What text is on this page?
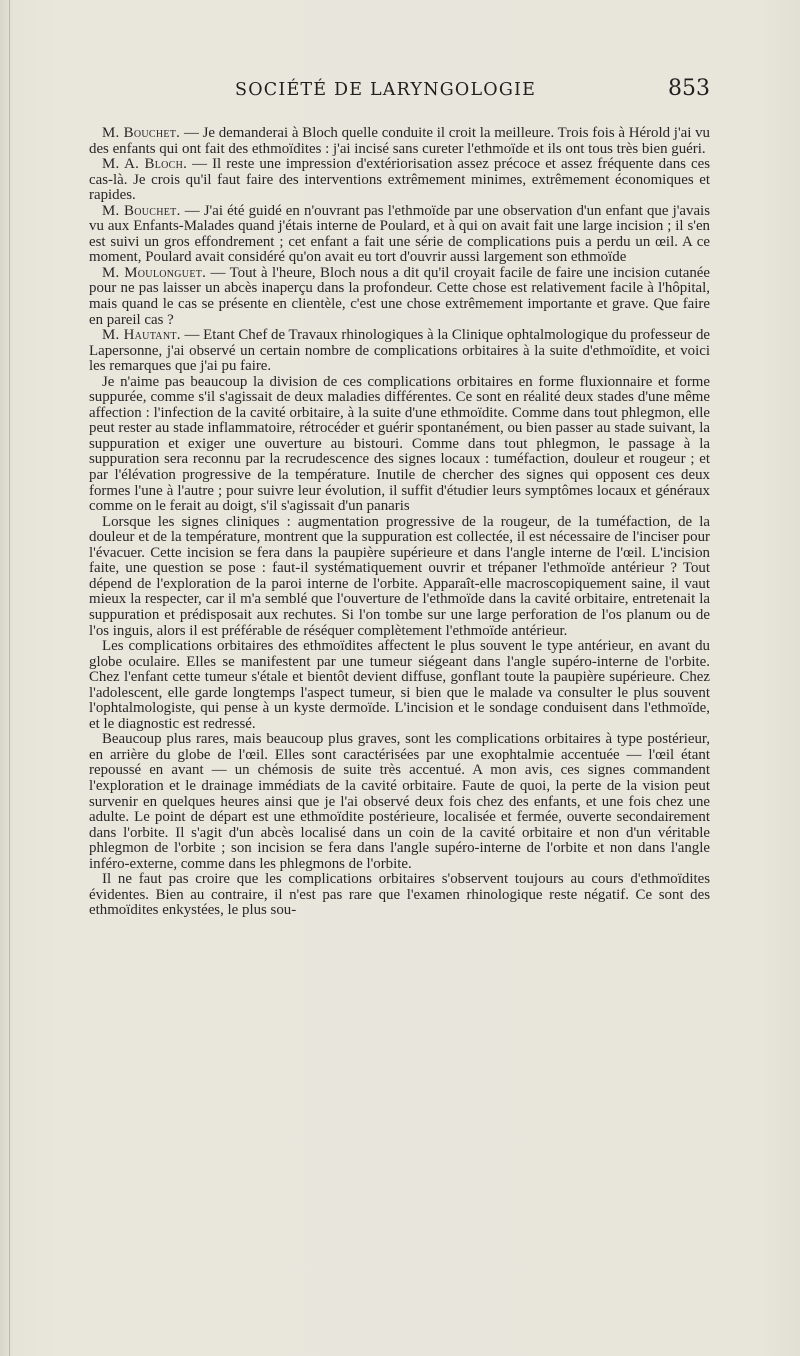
SOCIÉTÉ DE LARYNGOLOGIE	853

M. Bouchet. — Je demanderai à Bloch quelle conduite il croit la meilleure. Trois fois à Hérold j'ai vu des enfants qui ont fait des ethmoïdites : j'ai incisé sans cureter l'ethmoïde et ils ont tous très bien guéri.

M. A. Bloch. — Il reste une impression d'extériorisation assez précoce et assez fréquente dans ces cas-là. Je crois qu'il faut faire des interventions extrêmement minimes, extrêmement économiques et rapides.

M. Bouchet. — J'ai été guidé en n'ouvrant pas l'ethmoïde par une observation d'un enfant que j'avais vu aux Enfants-Malades quand j'étais interne de Poulard, et à qui on avait fait une large incision ; il s'en est suivi un gros effondrement ; cet enfant a fait une série de complications puis a perdu un œil. A ce moment, Poulard avait considéré qu'on avait eu tort d'ouvrir aussi largement son ethmoïde

M. Moulonguet. — Tout à l'heure, Bloch nous a dit qu'il croyait facile de faire une incision cutanée pour ne pas laisser un abcès inaperçu dans la profondeur. Cette chose est relativement facile à l'hôpital, mais quand le cas se présente en clientèle, c'est une chose extrêmement importante et grave. Que faire en pareil cas ?

M. Hautant. — Etant Chef de Travaux rhinologiques à la Clinique ophtalmologique du professeur de Lapersonne, j'ai observé un certain nombre de complications orbitaires à la suite d'ethmoïdite, et voici les remarques que j'ai pu faire.

Je n'aime pas beaucoup la division de ces complications orbitaires en forme fluxionnaire et forme suppurée, comme s'il s'agissait de deux maladies différentes. Ce sont en réalité deux stades d'une même affection : l'infection de la cavité orbitaire, à la suite d'une ethmoïdite. Comme dans tout phlegmon, elle peut rester au stade inflammatoire, rétrocéder et guérir spontanément, ou bien passer au stade suivant, la suppuration et exiger une ouverture au bistouri. Comme dans tout phlegmon, le passage à la suppuration sera reconnu par la recrudescence des signes locaux : tuméfaction, douleur et rougeur ; et par l'élévation progressive de la température. Inutile de chercher des signes qui opposent ces deux formes l'une à l'autre ; pour suivre leur évolution, il suffit d'étudier leurs symptômes locaux et généraux comme on le ferait au doigt, s'il s'agissait d'un panaris

Lorsque les signes cliniques : augmentation progressive de la rougeur, de la tuméfaction, de la douleur et de la température, montrent que la suppuration est collectée, il est nécessaire de l'inciser pour l'évacuer. Cette incision se fera dans la paupière supérieure et dans l'angle interne de l'œil. L'incision faite, une question se pose : faut-il systématiquement ouvrir et trépaner l'ethmoïde antérieur ? Tout dépend de l'exploration de la paroi interne de l'orbite. Apparaît-elle macroscopiquement saine, il vaut mieux la respecter, car il m'a semblé que l'ouverture de l'ethmoïde dans la cavité orbitaire, entretenait la suppuration et prédisposait aux rechutes. Si l'on tombe sur une large perforation de l'os planum ou de l'os inguis, alors il est préférable de réséquer complètement l'ethmoïde antérieur.

Les complications orbitaires des ethmoïdites affectent le plus souvent le type antérieur, en avant du globe oculaire. Elles se manifestent par une tumeur siégeant dans l'angle supéro-interne de l'orbite. Chez l'enfant cette tumeur s'étale et bientôt devient diffuse, gonflant toute la paupière supérieure. Chez l'adolescent, elle garde longtemps l'aspect tumeur, si bien que le malade va consulter le plus souvent l'ophtalmologiste, qui pense à un kyste dermoïde. L'incision et le sondage conduisent dans l'ethmoïde, et le diagnostic est redressé.

Beaucoup plus rares, mais beaucoup plus graves, sont les complications orbitaires à type postérieur, en arrière du globe de l'œil. Elles sont caractérisées par une exophtalmie accentuée — l'œil étant repoussé en avant — un chémosis de suite très accentué. A mon avis, ces signes commandent l'exploration et le drainage immédiats de la cavité orbitaire. Faute de quoi, la perte de la vision peut survenir en quelques heures ainsi que je l'ai observé deux fois chez des enfants, et une fois chez une adulte. Le point de départ est une ethmoïdite postérieure, localisée et fermée, ouverte secondairement dans l'orbite. Il s'agit d'un abcès localisé dans un coin de la cavité orbitaire et non d'un véritable phlegmon de l'orbite ; son incision se fera dans l'angle supéro-interne de l'orbite et non dans l'angle inféro-externe, comme dans les phlegmons de l'orbite.

Il ne faut pas croire que les complications orbitaires s'observent toujours au cours d'ethmoïdites évidentes. Bien au contraire, il n'est pas rare que l'examen rhinologique reste négatif. Ce sont des ethmoïdites enkystées, le plus sou-
